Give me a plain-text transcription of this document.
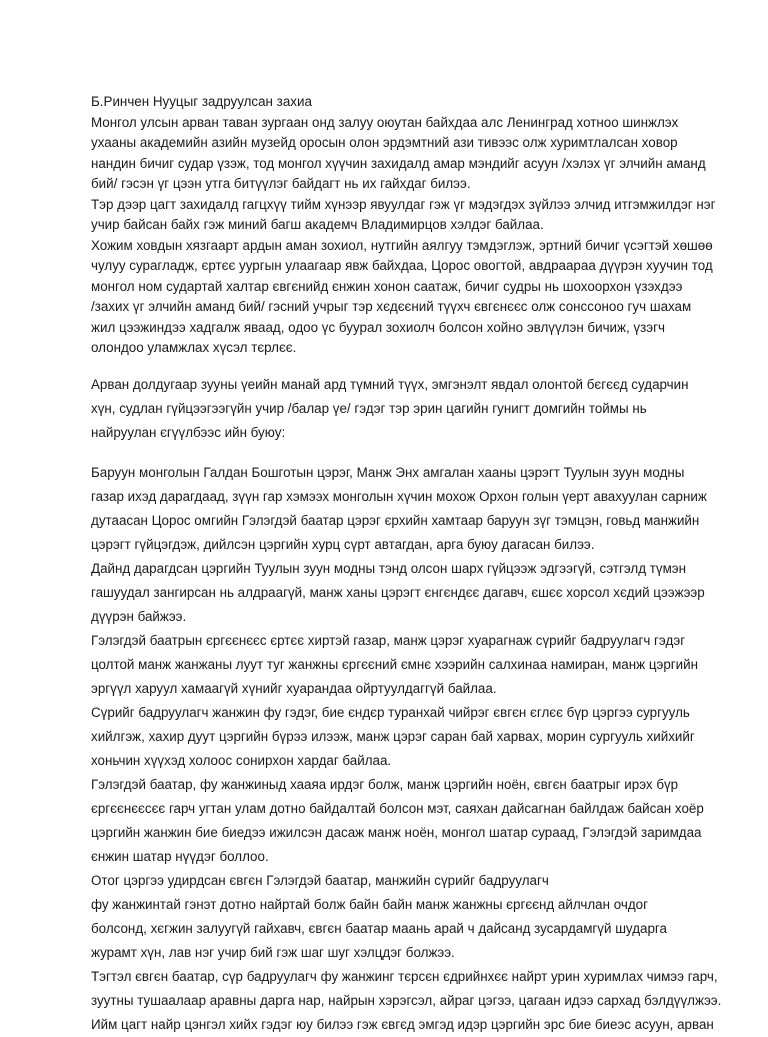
Б.Ринчен Нууцыг задруулсан захиа
Монгол улсын арван таван зургаан онд залуу оюутан байхдаа алс Ленинград хотноо шинжлэх
ухааны академийн азийн музейд оросын олон эрдэмтний ази тивээс олж хуримтлалсан ховор
нандин бичиг судар үзэж, тод монгол хүүчин захидалд амар мэндийг асуун /хэлэх үг элчийн аманд
бий/ гэсэн үг цээн утга битүүлэг байдагт нь их гайхдаг билээ.
Тэр дээр цагт захидалд гагцхүү тийм хүнээр явуулдаг гэж үг мэдэгдэх зүйлээ элчид итгэмжилдэг нэг
учир байсан байх гэж миний багш академч Владимирцов хэлдэг байлаа.
Хожим ховдын хязгаарт ардын аман зохиол, нутгийн аялгуу тэмдэглэж, эртний бичиг үсэгтэй хөшөө
чулуу сурагладж, єртєє уургын улаагаар явж байхдаа, Цорос овогтой, авдраараа дүүрэн хуучин тод
монгол ном судартай халтар євгєнийд єнжин хонон саатаж, бичиг судры нь шохоорхон үзэхдээ
/захих үг элчийн аманд бий/ гэсний учрыг тэр хєдєєний түүхч євгєнєєс олж сонссоноо гуч шахам
жил цээжиндээ хадгалж яваад, одоо үс буурал зохиолч болсон хойно эвлүүлэн бичиж, үзэгч
олондоо уламжлах хүсэл тєрлєє.
Арван долдугаар зууны үеийн манай ард түмний түүх, эмгэнэлт явдал олонтой бєгєєд сударчин
хүн, судлан гүйцээгээгүйн учир /балар үе/ гэдэг тэр эрин цагийн гунигт домгийн тоймы нь
найруулан єгүүлбээс ийн буюу:
Баруун монголын Галдан Бошготын цэрэг, Манж Энх амгалан хааны цэрэгт Туулын зуун модны
газар ихэд дарагдаад, зүүн гар хэмээх монголын хүчин мохож Орхон голын үерт авахуулан сарниж
дутаасан Цорос омгийн Гэлэгдэй баатар цэрэг єрхийн хамтаар баруун зүг тэмцэн, говьд манжийн
цэрэгт гүйцэгдэж, дийлсэн цэргийн хурц сүрт автагдан, арга буюу дагасан билээ.
Дайнд дарагдсан цэргийн Туулын зуун модны тэнд олсон шарх гүйцээж эдгээгүй, сэтгэлд түмэн
гашуудал зангирсан нь алдраагүй, манж ханы цэрэгт єнгєндєє дагавч, єшєє хорсол хєдий цээжээр
дүүрэн байжээ.
Гэлэгдэй баатрын єргєєнєєс єртєє хиртэй газар, манж цэрэг хуарагнаж сүрийг бадруулагч гэдэг
цолтой манж жанжаны луут туг жанжны єргєєний ємнє хээрийн салхинаа намиран, манж цэргийн
эргүүл харуул хамаагүй хүнийг хуарандаа ойртуулдаггүй байлаа.
Сүрийг бадруулагч жанжин фу гэдэг, бие єндєр туранхай чийрэг євгєн єглєє бүр цэргээ сургууль
хийлгэж, хахир дуут цэргийн бүрээ илээж, манж цэрэг саран бай харвах, морин сургууль хийхийг
хоньчин хүүхэд холоос сонирхон хардаг байлаа.
Гэлэгдэй баатар, фу жанжиныд хааяа ирдэг болж, манж цэргийн ноён, євгєн баатрыг ирэх бүр
єргєєнєєсєє гарч угтан улам дотно байдалтай болсон мэт, саяхан дайсагнан байлдаж байсан хоёр
цэргийн жанжин бие биедээ ижилсэн дасаж манж ноён, монгол шатар сураад, Гэлэгдэй заримдаа
єнжин шатар нүүдэг боллоо.
Отог цэргээ удирдсан євгєн Гэлэгдэй баатар, манжийн сүрийг бадруулагч
фу жанжинтай гэнэт дотно найртай болж байн байн манж жанжны єргєєнд айлчлан очдог
болсонд, хєгжин залуугүй гайхавч, євгєн баатар маань арай ч дайсанд зусардамгүй шударга
журамт хүн, лав нэг учир бий гэж шаг шуг хэлцдэг болжээ.
Тэгтэл євгєн баатар, сүр бадруулагч фу жанжинг тєрсєн єдрийнхєє найрт урин хуримлах чимээ гарч,
зуутны тушаалаар аравны дарга нар, найрын хэрэгсэл, айраг цэгээ, цагаан идээ сархад бэлдүүлжээ.
Ийм цагт найр цэнгэл хийх гэдэг юу билээ гэж євгєд эмгэд идэр цэргийн эрс бие биеэс асуун, арван
